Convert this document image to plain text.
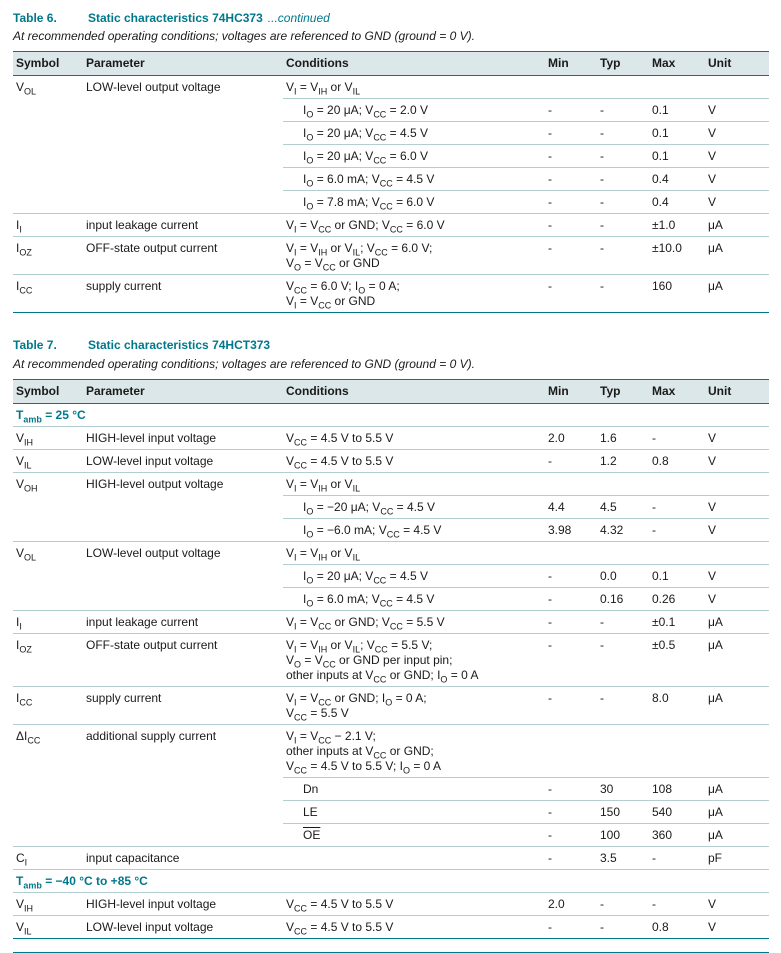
Table 6.	Static characteristics 74HC373 ...continued
At recommended operating conditions; voltages are referenced to GND (ground = 0 V).
Symbol	Parameter	Conditions	Min	Typ	Max	Unit
$V_{OL}$	LOW-level output voltage	$V_I = V_{IH}$ or $V_{IL}$				
		$I_O = 20$ μA; $V_{CC} = 2.0$ V	-	-	0.1	V
		$I_O = 20$ μA; $V_{CC} = 4.5$ V	-	-	0.1	V
		$I_O = 20$ μA; $V_{CC} = 6.0$ V	-	-	0.1	V
		$I_O = 6.0$ mA; $V_{CC} = 4.5$ V	-	-	0.4	V
		$I_O = 7.8$ mA; $V_{CC} = 6.0$ V	-	-	0.4	V
$I_I$	input leakage current	$V_I = V_{CC}$ or GND; $V_{CC} = 6.0$ V	-	-	±1.0	μA
$I_{OZ}$	OFF-state output current	$V_I = V_{IH}$ or $V_{IL}$; $V_{CC} = 6.0$ V;
$V_O = V_{CC}$ or GND	-	-	±10.0	μA
$I_{CC}$	supply current	$V_{CC} = 6.0$ V; $I_O = 0$ A;
$V_I = V_{CC}$ or GND	-	-	160	μA
Table 7.	Static characteristics 74HCT373
At recommended operating conditions; voltages are referenced to GND (ground = 0 V).
Symbol	Parameter	Conditions	Min	Typ	Max	Unit
$T_{amb} = 25$ °C						
$V_{IH}$	HIGH-level input voltage	$V_{CC} = 4.5$ V to 5.5 V	2.0	1.6	-	V
$V_{IL}$	LOW-level input voltage	$V_{CC} = 4.5$ V to 5.5 V	-	1.2	0.8	V
$V_{OH}$	HIGH-level output voltage	$V_I = V_{IH}$ or $V_{IL}$				
		$I_O = -20$ μA; $V_{CC} = 4.5$ V	4.4	4.5	-	V
		$I_O = -6.0$ mA; $V_{CC} = 4.5$ V	3.98	4.32	-	V
$V_{OL}$	LOW-level output voltage	$V_I = V_{IH}$ or $V_{IL}$				
		$I_O = 20$ μA; $V_{CC} = 4.5$ V	-	0.0	0.1	V
		$I_O = 6.0$ mA; $V_{CC} = 4.5$ V	-	0.16	0.26	V
$I_I$	input leakage current	$V_I = V_{CC}$ or GND; $V_{CC} = 5.5$ V	-	-	±0.1	μA
$I_{OZ}$	OFF-state output current	$V_I = V_{IH}$ or $V_{IL}$; $V_{CC} = 5.5$ V;
$V_O = V_{CC}$ or GND per input pin;
other inputs at $V_{CC}$ or GND; $I_O = 0$ A	-	-	±0.5	μA
$I_{CC}$	supply current	$V_I = V_{CC}$ or GND; $I_O = 0$ A;
$V_{CC} = 5.5$ V	-	-	8.0	μA
$\Delta I_{CC}$	additional supply current	$V_I = V_{CC} - 2.1$ V;
other inputs at $V_{CC}$ or GND;
$V_{CC} = 4.5$ V to 5.5 V; $I_O = 0$ A				
		Dn	-	30	108	μA
		LE	-	150	540	μA
		$\overline{OE}$	-	100	360	μA
$C_I$	input capacitance		-	3.5	-	pF
$T_{amb} = -40$ °C to +85 °C						
$V_{IH}$	HIGH-level input voltage	$V_{CC} = 4.5$ V to 5.5 V	2.0	-	-	V
$V_{IL}$	LOW-level input voltage	$V_{CC} = 4.5$ V to 5.5 V	-	-	0.8	V
